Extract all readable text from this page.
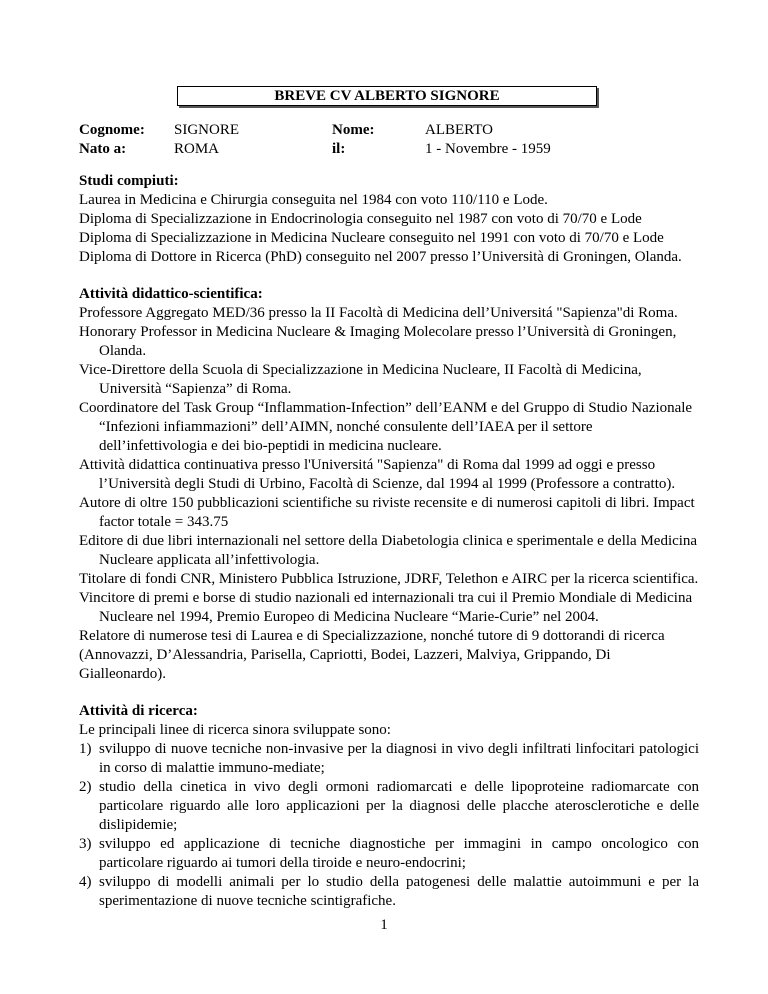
BREVE CV ALBERTO SIGNORE
Cognome: SIGNORE	Nome:	ALBERTO
Nato a:	ROMA	il:	1 - Novembre - 1959
Studi compiuti:
Laurea in Medicina e Chirurgia conseguita nel 1984 con voto 110/110 e Lode.
Diploma di Specializzazione in Endocrinologia conseguito nel 1987 con voto di 70/70 e Lode
Diploma di Specializzazione in Medicina Nucleare conseguito nel 1991 con voto di 70/70 e Lode
Diploma di Dottore in Ricerca (PhD) conseguito nel 2007 presso l’Università di Groningen, Olanda.
Attività didattico-scientifica:
Professore Aggregato MED/36 presso la II Facoltà di Medicina dell’Universitá "Sapienza"di Roma.
Honorary Professor in Medicina Nucleare & Imaging Molecolare presso l’Università di Groningen, Olanda.
Vice-Direttore della Scuola di Specializzazione in Medicina Nucleare, II Facoltà di Medicina, Università “Sapienza” di Roma.
Coordinatore del Task Group “Inflammation-Infection” dell’EANM e del Gruppo di Studio Nazionale “Infezioni infiammazioni” dell’AIMN, nonché consulente dell’IAEA per il settore dell’infettivologia e dei bio-peptidi in medicina nucleare.
Attività didattica continuativa presso l'Universitá "Sapienza" di Roma dal 1999 ad oggi e presso l’Università degli Studi di Urbino, Facoltà di Scienze, dal 1994 al 1999 (Professore a contratto).
Autore di oltre 150 pubblicazioni scientifiche su riviste recensite e di numerosi capitoli di libri. Impact factor totale = 343.75
Editore di due libri internazionali nel settore della Diabetologia clinica e sperimentale e della Medicina Nucleare applicata all’infettivologia.
Titolare di fondi CNR, Ministero Pubblica Istruzione, JDRF, Telethon e AIRC per la ricerca scientifica.
Vincitore di premi e borse di studio nazionali ed internazionali tra cui il Premio Mondiale di Medicina Nucleare nel 1994, Premio Europeo di Medicina Nucleare “Marie-Curie” nel 2004.
Relatore di numerose tesi di Laurea e di Specializzazione, nonché tutore di 9 dottorandi di ricerca (Annovazzi, D’Alessandria, Parisella, Capriotti, Bodei, Lazzeri, Malviya, Grippando, Di Gialleonardo).
Attività di ricerca:
Le principali linee di ricerca sinora sviluppate sono:
1) sviluppo di nuove tecniche non-invasive per la diagnosi in vivo degli infiltrati linfocitari patologici in corso di malattie immuno-mediate;
2) studio della cinetica in vivo degli ormoni radiomarcati e delle lipoproteine radiomarcate con particolare riguardo alle loro applicazioni per la diagnosi delle placche aterosclerotiche e delle dislipidemie;
3) sviluppo ed applicazione di tecniche diagnostiche per immagini in campo oncologico con particolare riguardo ai tumori della tiroide e neuro-endocrini;
4) sviluppo di modelli animali per lo studio della patogenesi delle malattie autoimmuni e per la sperimentazione di nuove tecniche scintigrafiche.
1
